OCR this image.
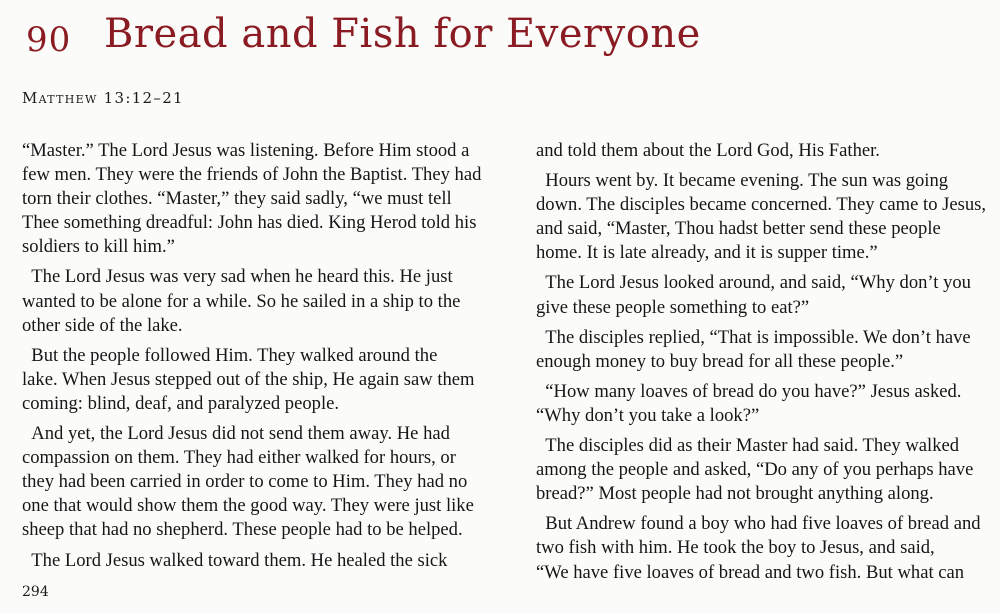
90 Bread and Fish for Everyone
Matthew 13:12–21
“Master.” The Lord Jesus was listening. Before Him stood a
few men. They were the friends of John the Baptist. They had
torn their clothes. “Master,” they said sadly, “we must tell
Thee something dreadful: John has died. King Herod told his
soldiers to kill him.”
The Lord Jesus was very sad when he heard this. He just
wanted to be alone for a while. So he sailed in a ship to the
other side of the lake.
But the people followed Him. They walked around the
lake. When Jesus stepped out of the ship, He again saw them
coming: blind, deaf, and paralyzed people.
And yet, the Lord Jesus did not send them away. He had
compassion on them. They had either walked for hours, or
they had been carried in order to come to Him. They had no
one that would show them the good way. They were just like
sheep that had no shepherd. These people had to be helped.
The Lord Jesus walked toward them. He healed the sick
and told them about the Lord God, His Father.
Hours went by. It became evening. The sun was going
down. The disciples became concerned. They came to Jesus,
and said, “Master, Thou hadst better send these people
home. It is late already, and it is supper time.”
The Lord Jesus looked around, and said, “Why don’t you
give these people something to eat?”
The disciples replied, “That is impossible. We don’t have
enough money to buy bread for all these people.”
“How many loaves of bread do you have?” Jesus asked.
“Why don’t you take a look?”
The disciples did as their Master had said. They walked
among the people and asked, “Do any of you perhaps have
bread?” Most people had not brought anything along.
But Andrew found a boy who had five loaves of bread and
two fish with him. He took the boy to Jesus, and said,
“We have five loaves of bread and two fish. But what can
294
